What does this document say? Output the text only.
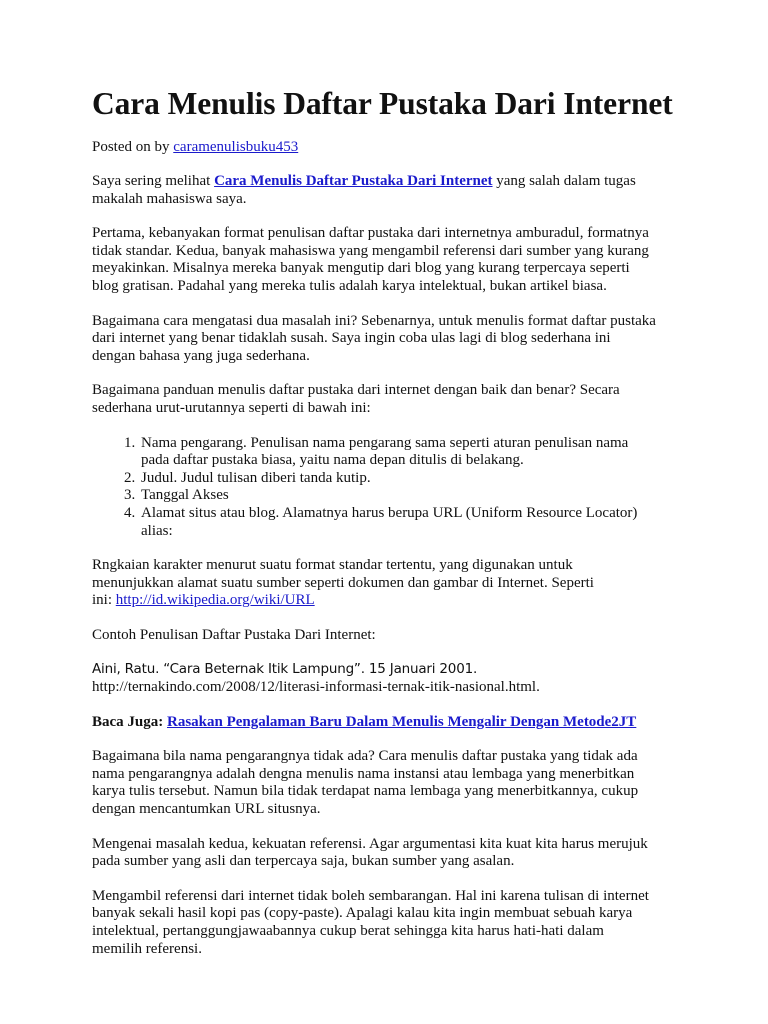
Cara Menulis Daftar Pustaka Dari Internet

Posted on by caramenulisbuku453

Saya sering melihat Cara Menulis Daftar Pustaka Dari Internet yang salah dalam tugas
makalah mahasiswa saya.

Pertama, kebanyakan format penulisan daftar pustaka dari internetnya amburadul, formatnya
tidak standar. Kedua, banyak mahasiswa yang mengambil referensi dari sumber yang kurang
meyakinkan. Misalnya mereka banyak mengutip dari blog yang kurang terpercaya seperti
blog gratisan. Padahal yang mereka tulis adalah karya intelektual, bukan artikel biasa.

Bagaimana cara mengatasi dua masalah ini? Sebenarnya, untuk menulis format daftar pustaka
dari internet yang benar tidaklah susah. Saya ingin coba ulas lagi di blog sederhana ini
dengan bahasa yang juga sederhana.

Bagaimana panduan menulis daftar pustaka dari internet dengan baik dan benar? Secara
sederhana urut-urutannya seperti di bawah ini:

1. Nama pengarang. Penulisan nama pengarang sama seperti aturan penulisan nama
pada daftar pustaka biasa, yaitu nama depan ditulis di belakang.
2. Judul. Judul tulisan diberi tanda kutip.
3. Tanggal Akses
4. Alamat situs atau blog. Alamatnya harus berupa URL (Uniform Resource Locator)
alias:

Rngkaian karakter menurut suatu format standar tertentu, yang digunakan untuk
menunjukkan alamat suatu sumber seperti dokumen dan gambar di Internet. Seperti
ini: http://id.wikipedia.org/wiki/URL

Contoh Penulisan Daftar Pustaka Dari Internet:

Aini, Ratu. “Cara Beternak Itik Lampung”. 15 Januari 2001.
http://ternakindo.com/2008/12/literasi-informasi-ternak-itik-nasional.html.

Baca Juga: Rasakan Pengalaman Baru Dalam Menulis Mengalir Dengan Metode2JT

Bagaimana bila nama pengarangnya tidak ada? Cara menulis daftar pustaka yang tidak ada
nama pengarangnya adalah dengna menulis nama instansi atau lembaga yang menerbitkan
karya tulis tersebut. Namun bila tidak terdapat nama lembaga yang menerbitkannya, cukup
dengan mencantumkan URL situsnya.

Mengenai masalah kedua, kekuatan referensi. Agar argumentasi kita kuat kita harus merujuk
pada sumber yang asli dan terpercaya saja, bukan sumber yang asalan.

Mengambil referensi dari internet tidak boleh sembarangan. Hal ini karena tulisan di internet
banyak sekali hasil kopi pas (copy-paste). Apalagi kalau kita ingin membuat sebuah karya
intelektual, pertanggungjawaabannya cukup berat sehingga kita harus hati-hati dalam
memilih referensi.
